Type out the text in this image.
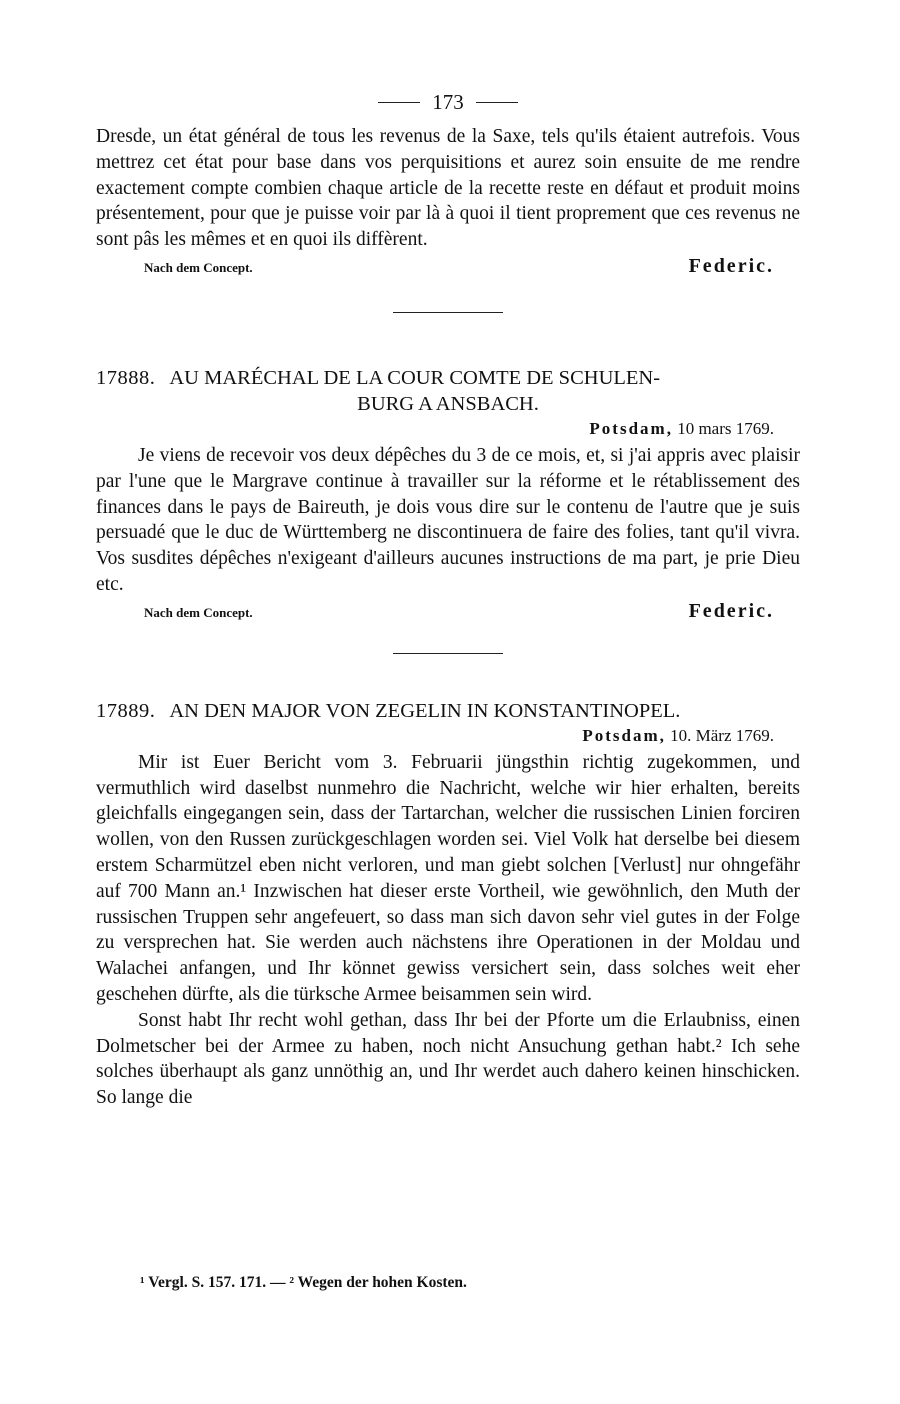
173

Dresde, un état général de tous les revenus de la Saxe, tels qu'ils étaient autrefois. Vous mettrez cet état pour base dans vos perquisitions et aurez soin ensuite de me rendre exactement compte combien chaque article de la recette reste en défaut et produit moins présentement, pour que je puisse voir par là à quoi il tient proprement que ces revenus ne sont pâs les mêmes et en quoi ils diffèrent.

Nach dem Concept.	Federic.
17888. AU MARÉCHAL DE LA COUR COMTE DE SCHULEN-
BURG A ANSBACH.
Potsdam, 10 mars 1769.

Je viens de recevoir vos deux dépêches du 3 de ce mois, et, si j'ai appris avec plaisir par l'une que le Margrave continue à travailler sur la réforme et le rétablissement des finances dans le pays de Baireuth, je dois vous dire sur le contenu de l'autre que je suis persuadé que le duc de Württemberg ne discontinuera de faire des folies, tant qu'il vivra. Vos susdites dépêches n'exigeant d'ailleurs aucunes instructions de ma part, je prie Dieu etc.

Nach dem Concept.	Federic.
17889. AN DEN MAJOR VON ZEGELIN IN KONSTANTINOPEL.
Potsdam, 10. März 1769.

Mir ist Euer Bericht vom 3. Februarii jüngsthin richtig zugekommen, und vermuthlich wird daselbst nunmehro die Nachricht, welche wir hier erhalten, bereits gleichfalls eingegangen sein, dass der Tartarchan, welcher die russischen Linien forciren wollen, von den Russen zurückgeschlagen worden sei. Viel Volk hat derselbe bei diesem erstem Scharmützel eben nicht verloren, und man giebt solchen [Verlust] nur ohngefähr auf 700 Mann an.¹ Inzwischen hat dieser erste Vortheil, wie gewöhnlich, den Muth der russischen Truppen sehr angefeuert, so dass man sich davon sehr viel gutes in der Folge zu versprechen hat. Sie werden auch nächstens ihre Operationen in der Moldau und Walachei anfangen, und Ihr könnet gewiss versichert sein, dass solches weit eher geschehen dürfte, als die türksche Armee beisammen sein wird.

Sonst habt Ihr recht wohl gethan, dass Ihr bei der Pforte um die Erlaubniss, einen Dolmetscher bei der Armee zu haben, noch nicht Ansuchung gethan habt.² Ich sehe solches überhaupt als ganz unnöthig an, und Ihr werdet auch dahero keinen hinschicken. So lange die

¹ Vergl. S. 157. 171. — ² Wegen der hohen Kosten.
